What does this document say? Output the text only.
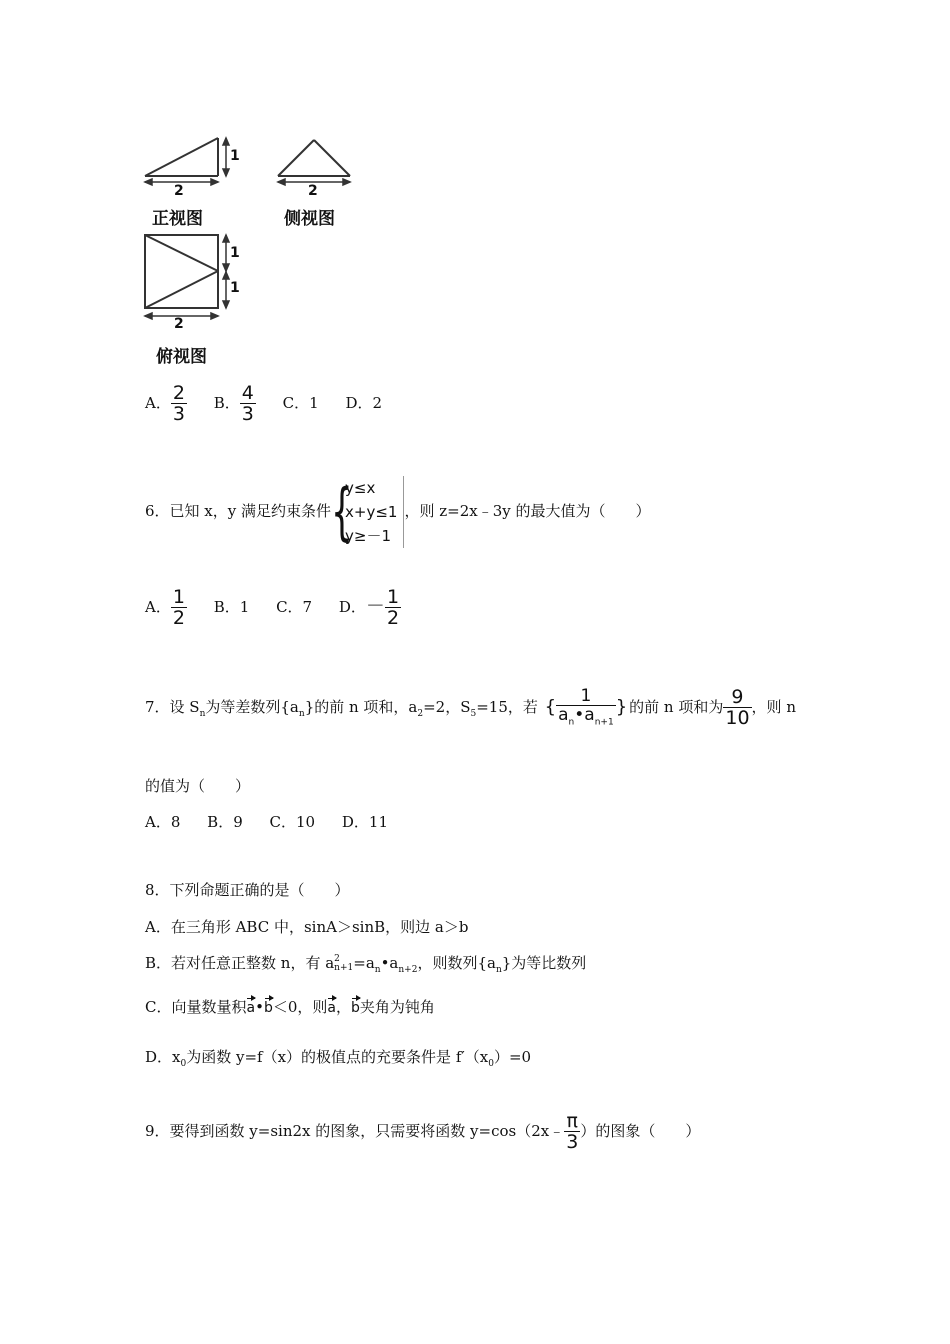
2
1
正视图
2
侧视图
1
1
2
俯视图
A． $\frac{2}{3}$ B． $\frac{4}{3}$ C．1 D．2
6．已知 x，y 满足约束条件 {
y≤x
x+y≤1
y≥－1
，则 z=2x﹣3y 的最大值为（　　）
A． $\frac{1}{2}$ B．1 C．7 D．－ $\frac{1}{2}$
7．设 $S_n$为等差数列$\{a_n\}$的前 n 项和，$a_2=2$，$S_5=15$，若 { $\frac{1}{a_n•a_{n+1}}$ } 的前 n 项和为 $\frac{9}{10}$ ，则 n
的值为（　　）
A．8 B．9 C．10 D．11
8．下列命题正确的是（　　）
A．在三角形 ABC 中，sinA＞sinB，则边 a＞b
B．若对任意正整数 n，有 a 2
$n+1 =a_n•a_{n+2}$，则数列$\{a_n\}$为等比数列
C．向量数量积a•b＜0，则a，b夹角为钝角
D．$x_0$为函数 y=f（x）的极值点的充要条件是 $f'(x_0)=0$
9．要得到函数 y=sin2x 的图象，只需要将函数 y=cos（2x﹣ $\frac{\pi}{3}$ ）的图象（　　）
